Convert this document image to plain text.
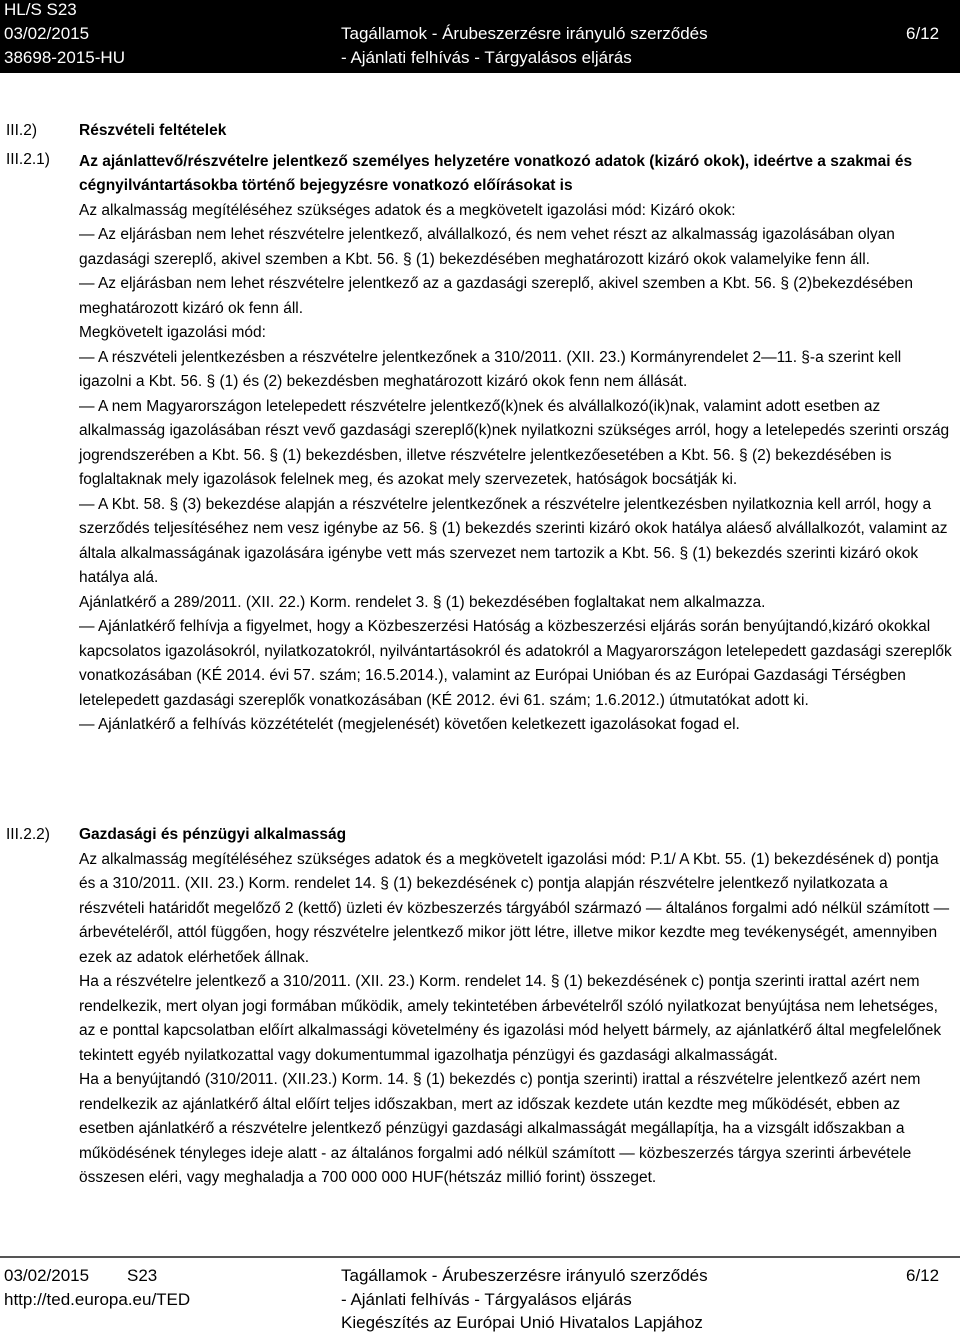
HL/S S23
03/02/2015
38698-2015-HU
Tagállamok - Árubeszerzésre irányuló szerződés
- Ajánlati felhívás - Tárgyalásos eljárás
6/12
III.2)
III.2.1)
III.2.2)

Részvételi feltételek

Az ajánlattevő/részvételre jelentkező személyes helyzetére vonatkozó adatok (kizáró okok), ideértve a szakmai és cégnyilvántartásokba történő bejegyzésre vonatkozó előírásokat is

Az alkalmasság megítéléséhez szükséges adatok és a megkövetelt igazolási mód: Kizáró okok:

— Az eljárásban nem lehet részvételre jelentkező, alvállalkozó, és nem vehet részt az alkalmasság igazolásában olyan gazdasági szereplő, akivel szemben a Kbt. 56. § (1) bekezdésében meghatározott kizáró okok valamelyike fenn áll.

— Az eljárásban nem lehet részvételre jelentkező az a gazdasági szereplő, akivel szemben a Kbt. 56. § (2)bekezdésében meghatározott kizáró ok fenn áll.

Megkövetelt igazolási mód:

— A részvételi jelentkezésben a részvételre jelentkezőnek a 310/2011. (XII. 23.) Kormányrendelet 2—11. §-a szerint kell igazolni a Kbt. 56. § (1) és (2) bekezdésben meghatározott kizáró okok fenn nem állását.

— A nem Magyarországon letelepedett részvételre jelentkező(k)nek és alvállalkozó(ik)nak, valamint adott esetben az alkalmasság igazolásában részt vevő gazdasági szereplő(k)nek nyilatkozni szükséges arról, hogy a letelepedés szerinti ország jogrendszerében a Kbt. 56. § (1) bekezdésben, illetve részvételre jelentkezőesetében a Kbt. 56. § (2) bekezdésében is foglaltaknak mely igazolások felelnek meg, és azokat mely szervezetek, hatóságok bocsátják ki.

— A Kbt. 58. § (3) bekezdése alapján a részvételre jelentkezőnek a részvételre jelentkezésben nyilatkoznia kell arról, hogy a szerződés teljesítéséhez nem vesz igénybe az 56. § (1) bekezdés szerinti kizáró okok hatálya aláeső alvállalkozót, valamint az általa alkalmasságának igazolására igénybe vett más szervezet nem tartozik a Kbt. 56. § (1) bekezdés szerinti kizáró okok hatálya alá.

Ajánlatkérő a 289/2011. (XII. 22.) Korm. rendelet 3. § (1) bekezdésében foglaltakat nem alkalmazza.

— Ajánlatkérő felhívja a figyelmet, hogy a Közbeszerzési Hatóság a közbeszerzési eljárás során benyújtandó,kizáró okokkal kapcsolatos igazolásokról, nyilatkozatokról, nyilvántartásokról és adatokról a Magyarországon letelepedett gazdasági szereplők vonatkozásában (KÉ 2014. évi 57. szám; 16.5.2014.), valamint az Európai Unióban és az Európai Gazdasági Térségben letelepedett gazdasági szereplők vonatkozásában (KÉ 2012. évi 61. szám; 1.6.2012.) útmutatókat adott ki.

— Ajánlatkérő a felhívás közzétételét (megjelenését) követően keletkezett igazolásokat fogad el.

Gazdasági és pénzügyi alkalmasság

Az alkalmasság megítéléséhez szükséges adatok és a megkövetelt igazolási mód: P.1/ A Kbt. 55. (1) bekezdésének d) pontja és a 310/2011. (XII. 23.) Korm. rendelet 14. § (1) bekezdésének c) pontja alapján részvételre jelentkező nyilatkozata a részvételi határidőt megelőző 2 (kettő) üzleti év közbeszerzés tárgyából származó — általános forgalmi adó nélkül számított — árbevételéről, attól függően, hogy részvételre jelentkező mikor jött létre, illetve mikor kezdte meg tevékenységét, amennyiben ezek az adatok elérhetőek állnak.

Ha a részvételre jelentkező a 310/2011. (XII. 23.) Korm. rendelet 14. § (1) bekezdésének c) pontja szerinti irattal azért nem rendelkezik, mert olyan jogi formában működik, amely tekintetében árbevételről szóló nyilatkozat benyújtása nem lehetséges, az e ponttal kapcsolatban előírt alkalmassági követelmény és igazolási mód helyett bármely, az ajánlatkérő által megfelelőnek tekintett egyéb nyilatkozattal vagy dokumentummal igazolhatja pénzügyi és gazdasági alkalmasságát.

Ha a benyújtandó (310/2011. (XII.23.) Korm. 14. § (1) bekezdés c) pontja szerinti) irattal a részvételre jelentkező azért nem rendelkezik az ajánlatkérő által előírt teljes időszakban, mert az időszak kezdete után kezdte meg működését, ebben az esetben ajánlatkérő a részvételre jelentkező pénzügyi gazdasági alkalmasságát megállapítja, ha a vizsgált időszakban a működésének tényleges ideje alatt - az általános forgalmi adó nélkül számított — közbeszerzés tárgya szerinti árbevétele összesen eléri, vagy meghaladja a 700 000 000 HUF(hétszáz millió forint) összeget.

03/02/2015 S23
http://ted.europa.eu/TED
Tagállamok - Árubeszerzésre irányuló szerződés
- Ajánlati felhívás - Tárgyalásos eljárás
Kiegészítés az Európai Unió Hivatalos Lapjához
6/12
